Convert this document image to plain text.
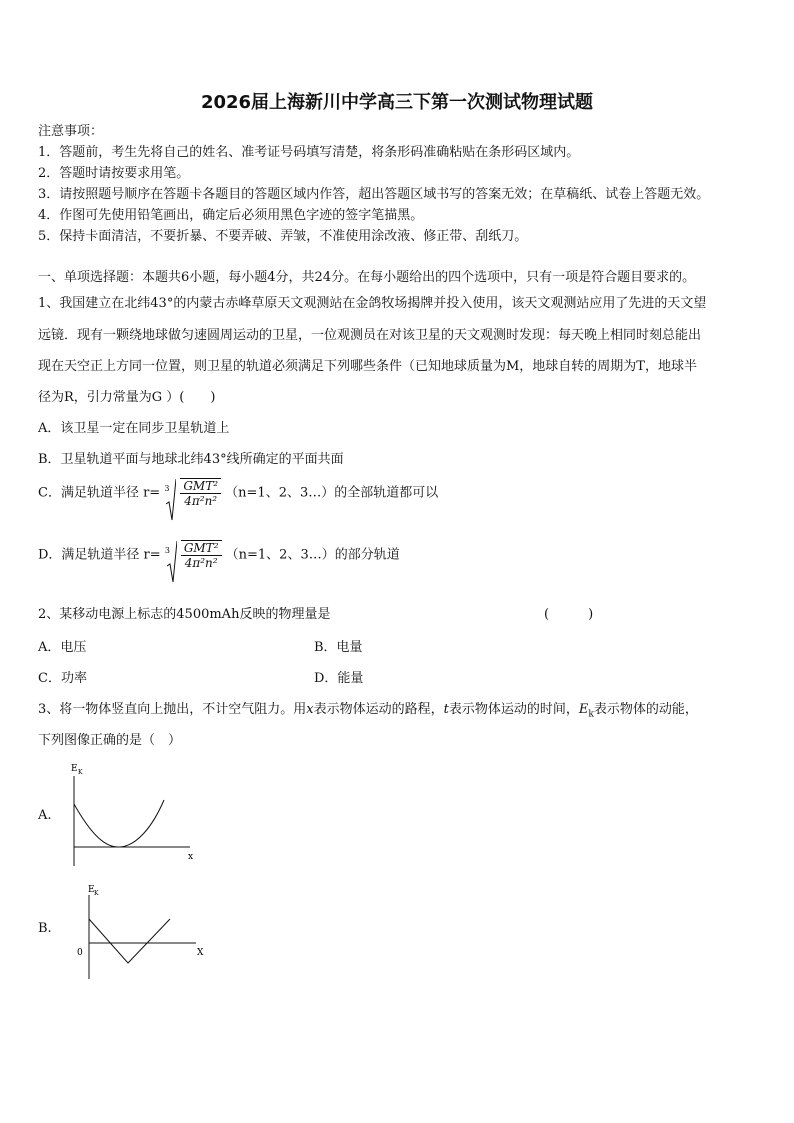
2026届上海新川中学高三下第一次测试物理试题
注意事项：
1．答题前，考生先将自己的姓名、准考证号码填写清楚，将条形码准确粘贴在条形码区域内。
2．答题时请按要求用笔。
3．请按照题号顺序在答题卡各题目的答题区域内作答，超出答题区域书写的答案无效；在草稿纸、试卷上答题无效。
4．作图可先使用铅笔画出，确定后必须用黑色字迹的签字笔描黑。
5．保持卡面清洁，不要折暴、不要弄破、弄皱，不准使用涂改液、修正带、刮纸刀。
一、单项选择题：本题共6小题，每小题4分，共24分。在每小题给出的四个选项中，只有一项是符合题目要求的。
1、我国建立在北纬43°的内蒙古赤峰草原天文观测站在金鸽牧场揭牌并投入使用，该天文观测站应用了先进的天文望
远镜．现有一颗绕地球做匀速圆周运动的卫星，一位观测员在对该卫星的天文观测时发现：每天晚上相同时刻总能出
现在天空正上方同一位置，则卫星的轨道必须满足下列哪些条件（已知地球质量为M，地球自转的周期为T，地球半
径为R，引力常量为G ）(　　)
A．该卫星一定在同步卫星轨道上
B．卫星轨道平面与地球北纬43°线所确定的平面共面
C．满足轨道半径 $r= 3 \frac{\text{GMT²}}{\text{4π²n²}} (n=1$、2、3…）的全部轨道都可以
D．满足轨道半径 $r= 3 \frac{\text{GMT²}}{\text{4π²n²}} (n=1$、2、3…）的部分轨道
2、某移动电源上标志的4500mAh反映的物理量是	(　　　)
A．电压	B．电量
C．功率	D．能量
3、将一物体竖直向上抛出，不计空气阻力。用x表示物体运动的路程，t表示物体运动的时间，$E_k$表示物体的动能，
下列图像正确的是（　）
A.
E K
x
B.
E K
X
0
